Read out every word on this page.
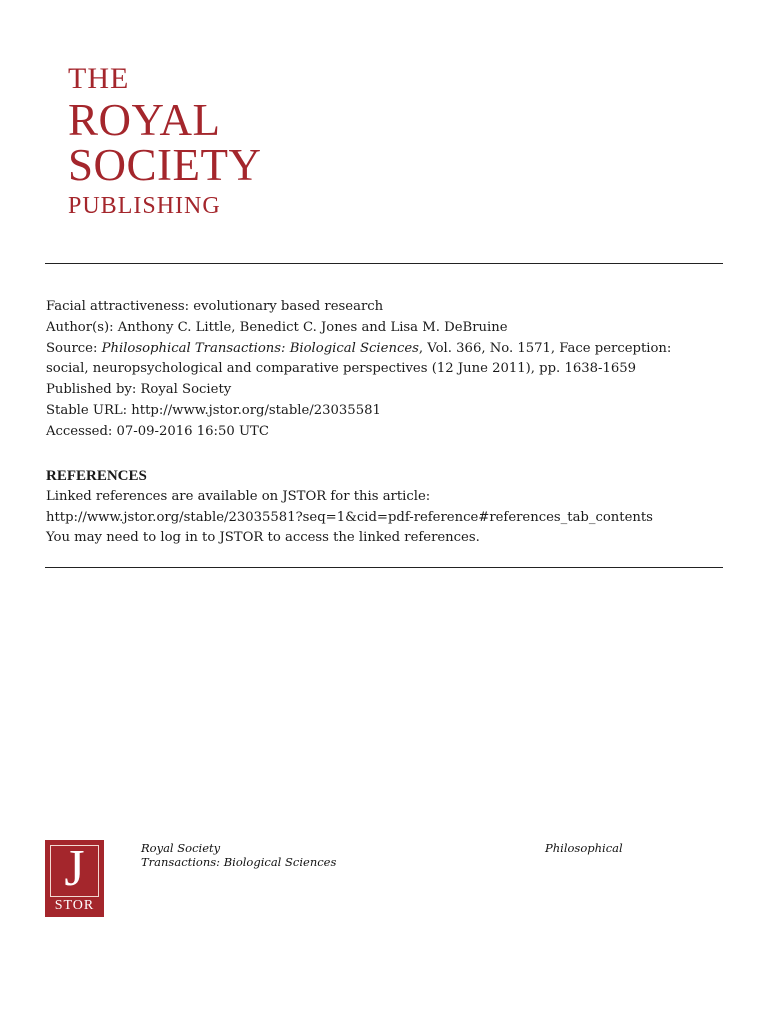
THE
ROYAL
SOCIETY
PUBLISHING
Facial attractiveness: evolutionary based research
Author(s): Anthony C. Little, Benedict C. Jones and Lisa M. DeBruine
Source: Philosophical Transactions: Biological Sciences, Vol. 366, No. 1571, Face perception:
social, neuropsychological and comparative perspectives (12 June 2011), pp. 1638-1659
Published by: Royal Society
Stable URL: http://www.jstor.org/stable/23035581
Accessed: 07-09-2016 16:50 UTC
REFERENCES
Linked references are available on JSTOR for this article:
http://www.jstor.org/stable/23035581?seq=1&cid=pdf-reference#references_tab_contents
You may need to log in to JSTOR to access the linked references.
J
STOR
Royal Society
Transactions: Biological Sciences
Philosophical
